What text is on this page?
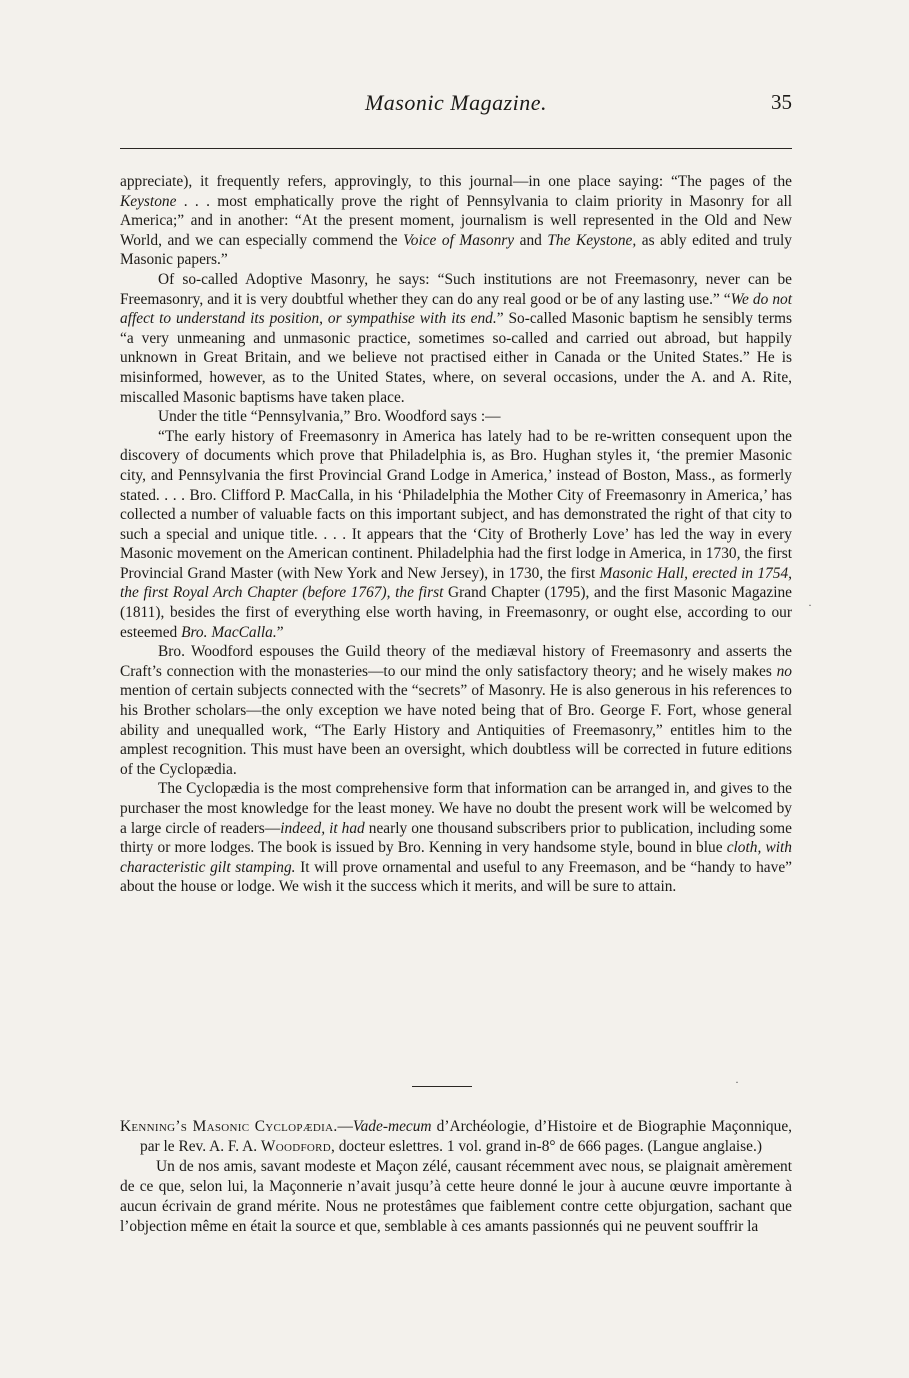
Masonic Magazine.	35

appreciate), it frequently refers, approvingly, to this journal—in one place saying: “The pages of the Keystone . . . most emphatically prove the right of Pennsylvania to claim priority in Masonry for all America;” and in another: “At the present moment, journalism is well represented in the Old and New World, and we can especially commend the Voice of Masonry and The Keystone, as ably edited and truly Masonic papers.”

Of so-called Adoptive Masonry, he says: “Such institutions are not Freemasonry, never can be Freemasonry, and it is very doubtful whether they can do any real good or be of any lasting use.” “We do not affect to understand its position, or sympathise with its end.” So-called Masonic baptism he sensibly terms “a very unmeaning and unmasonic practice, sometimes so-called and carried out abroad, but happily unknown in Great Britain, and we believe not practised either in Canada or the United States.” He is misinformed, however, as to the United States, where, on several occasions, under the A. and A. Rite, miscalled Masonic baptisms have taken place.

Under the title “Pennsylvania,” Bro. Woodford says :—

“The early history of Freemasonry in America has lately had to be re-written consequent upon the discovery of documents which prove that Philadelphia is, as Bro. Hughan styles it, ‘the premier Masonic city, and Pennsylvania the first Provincial Grand Lodge in America,’ instead of Boston, Mass., as formerly stated. . . . Bro. Clifford P. MacCalla, in his ‘Philadelphia the Mother City of Freemasonry in America,’ has collected a number of valuable facts on this important subject, and has demonstrated the right of that city to such a special and unique title. . . . It appears that the ‘City of Brotherly Love’ has led the way in every Masonic movement on the American continent. Philadelphia had the first lodge in America, in 1730, the first Provincial Grand Master (with New York and New Jersey), in 1730, the first Masonic Hall, erected in 1754, the first Royal Arch Chapter (before 1767), the first Grand Chapter (1795), and the first Masonic Magazine (1811), besides the first of everything else worth having, in Freemasonry, or ought else, according to our esteemed Bro. MacCalla.”

Bro. Woodford espouses the Guild theory of the mediæval history of Freemasonry and asserts the Craft’s connection with the monasteries—to our mind the only satisfactory theory; and he wisely makes no mention of certain subjects connected with the “secrets” of Masonry. He is also generous in his references to his Brother scholars—the only exception we have noted being that of Bro. George F. Fort, whose general ability and unequalled work, “The Early History and Antiquities of Freemasonry,” entitles him to the amplest recognition. This must have been an oversight, which doubtless will be corrected in future editions of the Cyclopædia.

The Cyclopædia is the most comprehensive form that information can be arranged in, and gives to the purchaser the most knowledge for the least money. We have no doubt the present work will be welcomed by a large circle of readers—indeed, it had nearly one thousand subscribers prior to publication, including some thirty or more lodges. The book is issued by Bro. Kenning in very handsome style, bound in blue cloth, with characteristic gilt stamping. It will prove ornamental and useful to any Freemason, and be “handy to have” about the house or lodge. We wish it the success which it merits, and will be sure to attain.

Kenning’s Masonic Cyclopædia.—Vade-mecum d’Archéologie, d’Histoire et de Biographie Maçonnique, par le Rev. A. F. A. Woodford, docteur eslettres. 1 vol. grand in-8° de 666 pages. (Langue anglaise.)

Un de nos amis, savant modeste et Maçon zélé, causant récemment avec nous, se plaignait amèrement de ce que, selon lui, la Maçonnerie n’avait jusqu’à cette heure donné le jour à aucune œuvre importante à aucun écrivain de grand mérite. Nous ne protestâmes que faiblement contre cette objurgation, sachant que l’objection même en était la source et que, semblable à ces amants passionnés qui ne peuvent souffrir la

·
·
